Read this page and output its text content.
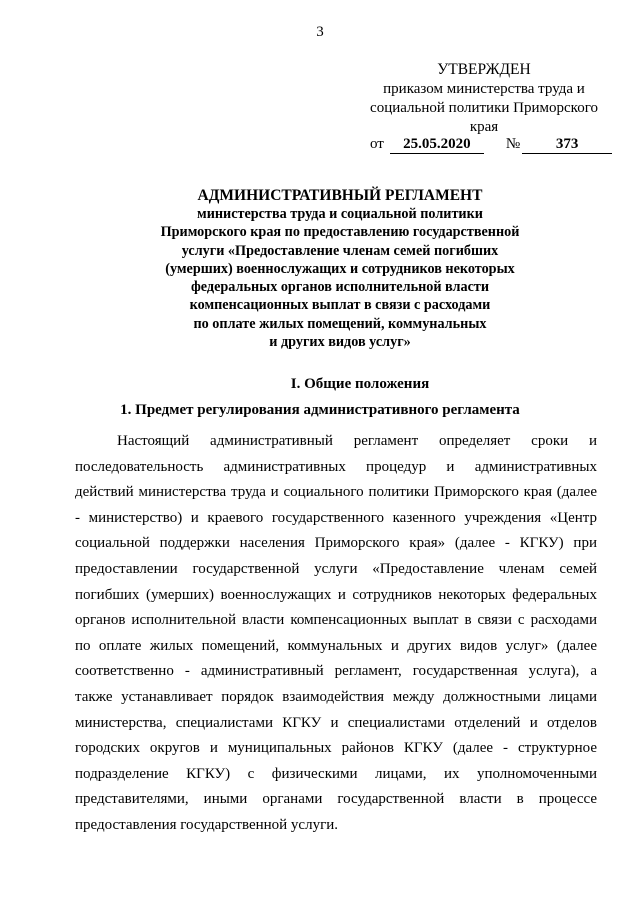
3
УТВЕРЖДЕН
приказом министерства труда и
социальной политики Приморского
края
от 25.05.2020 № 373
АДМИНИСТРАТИВНЫЙ РЕГЛАМЕНТ
министерства труда и социальной политики
Приморского края по предоставлению государственной
услуги «Предоставление членам семей погибших
(умерших) военнослужащих и сотрудников некоторых
федеральных органов исполнительной власти
компенсационных выплат в связи с расходами
по оплате жилых помещений, коммунальных
и других видов услуг»
I. Общие положения
1. Предмет регулирования административного регламента
Настоящий административный регламент определяет сроки и
последовательность административных процедур и административных
действий министерства труда и социального политики Приморского края (далее
- министерство) и краевого государственного казенного учреждения «Центр
социальной поддержки населения Приморского края» (далее - КГКУ) при
предоставлении государственной услуги «Предоставление членам семей
погибших (умерших) военнослужащих и сотрудников некоторых федеральных
органов исполнительной власти компенсационных выплат в связи с расходами
по оплате жилых помещений, коммунальных и других видов услуг» (далее
соответственно - административный регламент, государственная услуга), а
также устанавливает порядок взаимодействия между должностными лицами
министерства, специалистами КГКУ и специалистами отделений и отделов
городских округов и муниципальных районов КГКУ (далее - структурное
подразделение КГКУ) с физическими лицами, их уполномоченными
представителями, иными органами государственной власти в процессе
предоставления государственной услуги.
